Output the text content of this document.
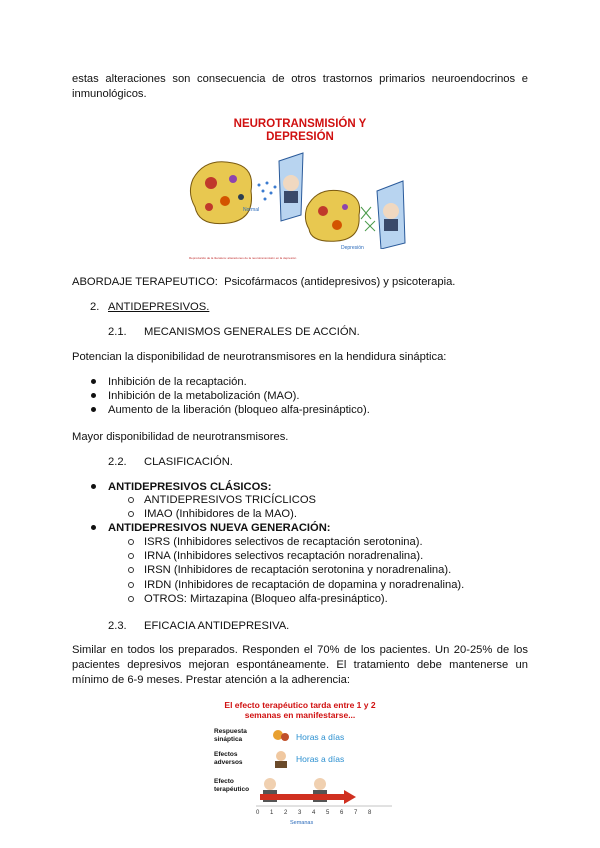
estas alteraciones son consecuencia de otros trastornos primarios neuroendocrinos e
inmunológicos.
NEUROTRANSMISIÓN Y
DEPRESIÓN
Normal
Depresión
Reproducido de la literatura: alteraciones de la neurotransmisión en la depresión
ABORDAJE TERAPEUTICO: Psicofármacos (antidepresivos) y psicoterapia.
2. ANTIDEPRESIVOS.
2.1. MECANISMOS GENERALES DE ACCIÓN.
Potencian la disponibilidad de neurotransmisores en la hendidura sináptica:
Inhibición de la recaptación.
Inhibición de la metabolización (MAO).
Aumento de la liberación (bloqueo alfa-presináptico).
Mayor disponibilidad de neurotransmisores.
2.2. CLASIFICACIÓN.
ANTIDEPRESIVOS CLÁSICOS:
ANTIDEPRESIVOS TRICÍCLICOS
IMAO (Inhibidores de la MAO).
ANTIDEPRESIVOS NUEVA GENERACIÓN:
ISRS (Inhibidores selectivos de recaptación serotonina).
IRNA (Inhibidores selectivos recaptación noradrenalina).
IRSN (Inhibidores de recaptación serotonina y noradrenalina).
IRDN (Inhibidores de recaptación de dopamina y noradrenalina).
OTROS: Mirtazapina (Bloqueo alfa-presináptico).
2.3. EFICACIA ANTIDEPRESIVA.
Similar en todos los preparados. Responden el 70% de los pacientes. Un 20-25% de los
pacientes depresivos mejoran espontáneamente. El tratamiento debe mantenerse un
mínimo de 6-9 meses. Prestar atención a la adherencia:
El efecto terapéutico tarda entre 1 y 2
semanas en manifestarse...
Respuesta
sináptica	Horas a días
Efectos
adversos	Horas a días
Efecto
terapéutico
0 1 2 3 4 5 6 7 8
Semanas
